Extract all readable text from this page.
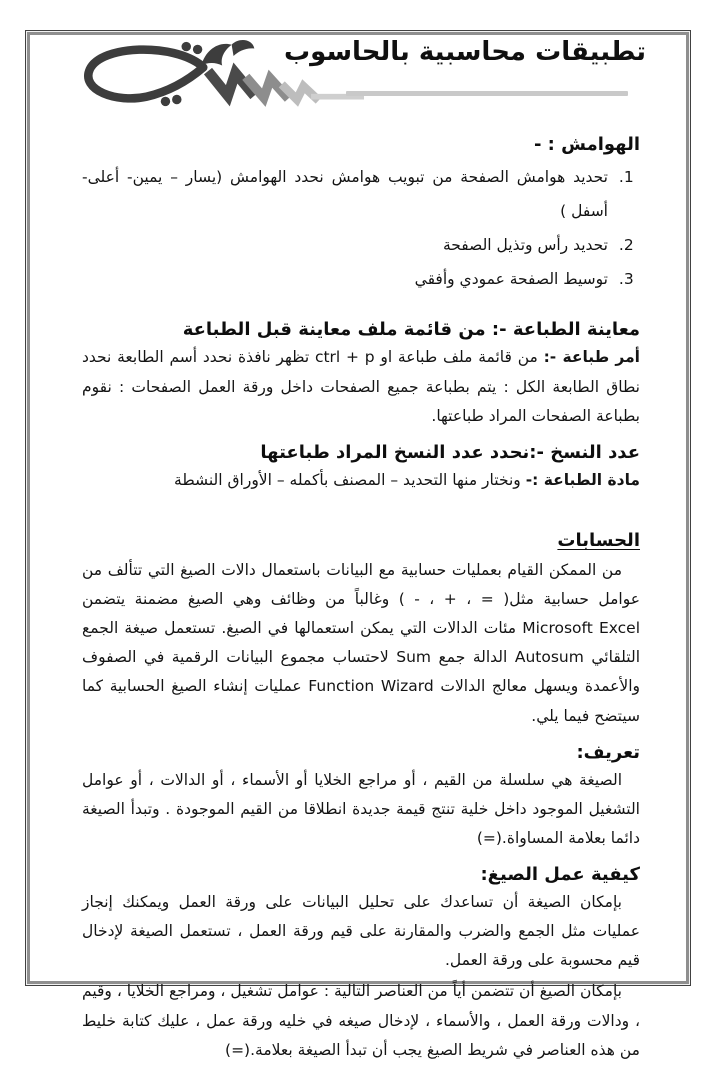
تطبيقات محاسبية بالحاسوب
الهوامش : -
1. تحديد هوامش الصفحة من تبويب هوامش نحدد الهوامش (يسار – يمين- أعلى-أسفل )
2. تحديد رأس وتذيل الصفحة
3. توسيط الصفحة عمودي وأفقي
معاينة الطباعة -: من قائمة ملف معاينة قبل الطباعة

أمر طباعة -: من قائمة ملف طباعة او ctrl + p تظهر نافذة نحدد أسم الطابعة نحدد نطاق الطابعة الكل : يتم بطباعة جميع الصفحات داخل ورقة العمل الصفحات : نقوم بطباعة الصفحات المراد طباعتها.

عدد النسخ -:نحدد عدد النسخ المراد طباعتها

مادة الطباعة :- ونختار منها التحديد – المصنف بأكمله – الأوراق النشطة

الحسابات

من الممكن القيام بعمليات حسابية مع البيانات باستعمال دالات الصيغ التي تتألف من عوامل حسابية مثل( = ، + ، - ) وغالباً من وظائف وهي الصيغ مضمنة يتضمن Microsoft Excel مئات الدالات التي يمكن استعمالها في الصيغ. تستعمل صيغة الجمع التلقائي Autosum الدالة جمع Sum لاحتساب مجموع البيانات الرقمية في الصفوف والأعمدة ويسهل معالج الدالات Function Wizard عمليات إنشاء الصيغ الحسابية كما سيتضح فيما يلي.

تعريف:

الصيغة هي سلسلة من القيم ، أو مراجع الخلايا أو الأسماء ، أو الدالات ، أو عوامل التشغيل الموجود داخل خلية تنتج قيمة جديدة انطلاقا من القيم الموجودة . وتبدأ الصيغة دائما بعلامة المساواة.(=)

كيفية عمل الصيغ:

بإمكان الصيغة أن تساعدك على تحليل البيانات على ورقة العمل ويمكنك إنجاز عمليات مثل الجمع والضرب والمقارنة على قيم ورقة العمل ، تستعمل الصيغة لإدخال قيم محسوبة على ورقة العمل.

بإمكان الصيغ أن تتضمن أياً من العناصر التالية : عوامل تشغيل ، ومراجع الخلايا ، وقيم ، ودالات ورقة العمل ، والأسماء ، لإدخال صيغه في خليه ورقة عمل ، عليك كتابة خليط من هذه العناصر في شريط الصيغ يجب أن تبدأ الصيغة بعلامة.(=)
